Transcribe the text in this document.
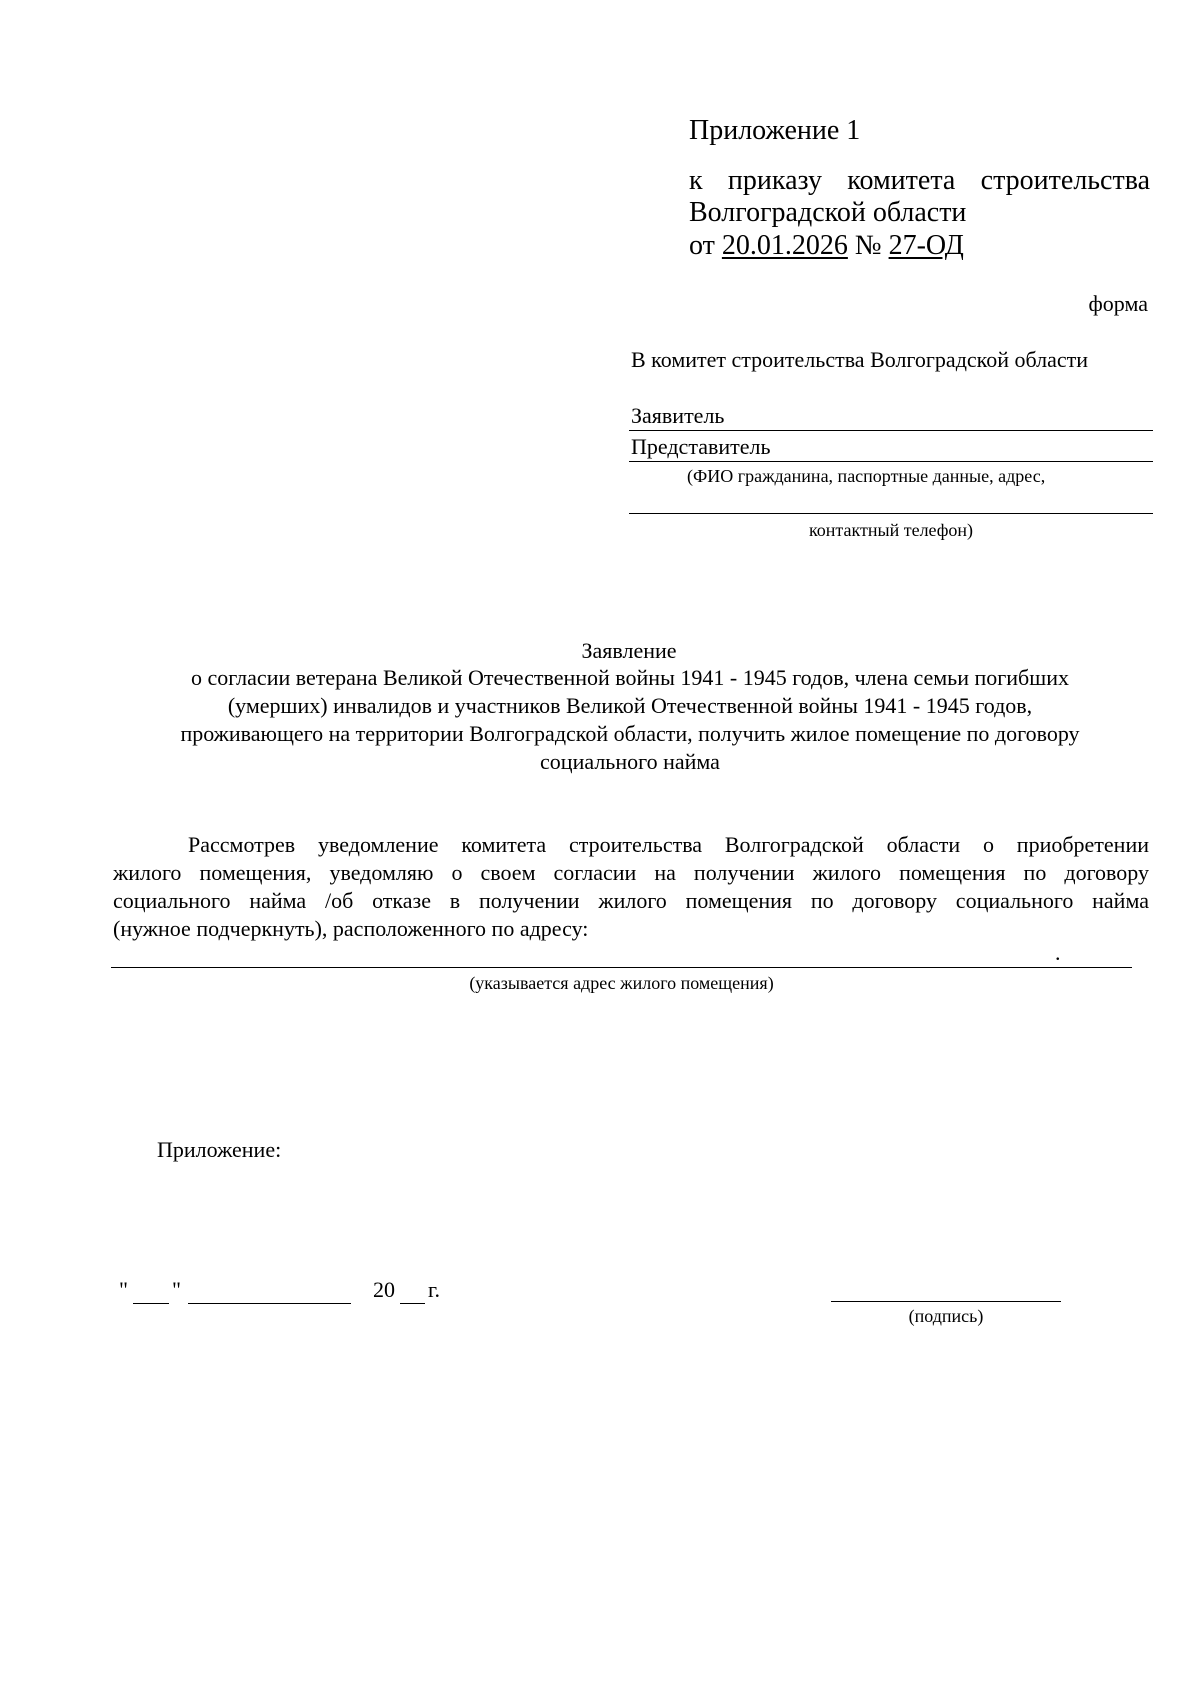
Приложение 1
к приказу комитета строительства
Волгоградской области
от 20.01.2026 № 27-ОД
форма
В комитет строительства Волгоградской области
Заявитель
Представитель
(ФИО гражданина, паспортные данные, адрес,
контактный телефон)
Заявление
о согласии ветерана Великой Отечественной войны 1941 - 1945 годов, члена семьи погибших
(умерших) инвалидов и участников Великой Отечественной войны 1941 - 1945 годов,
проживающего на территории Волгоградской области, получить жилое помещение по договору
социального найма
Рассмотрев уведомление комитета строительства Волгоградской области о приобретении
жилого помещения, уведомляю о своем согласии на получении жилого помещения по договору
социального найма /об отказе в получении жилого помещения по договору социального найма
(нужное подчеркнуть), расположенного по адресу:
.
(указывается адрес жилого помещения)
Приложение:
" "	20 г.
(подпись)
